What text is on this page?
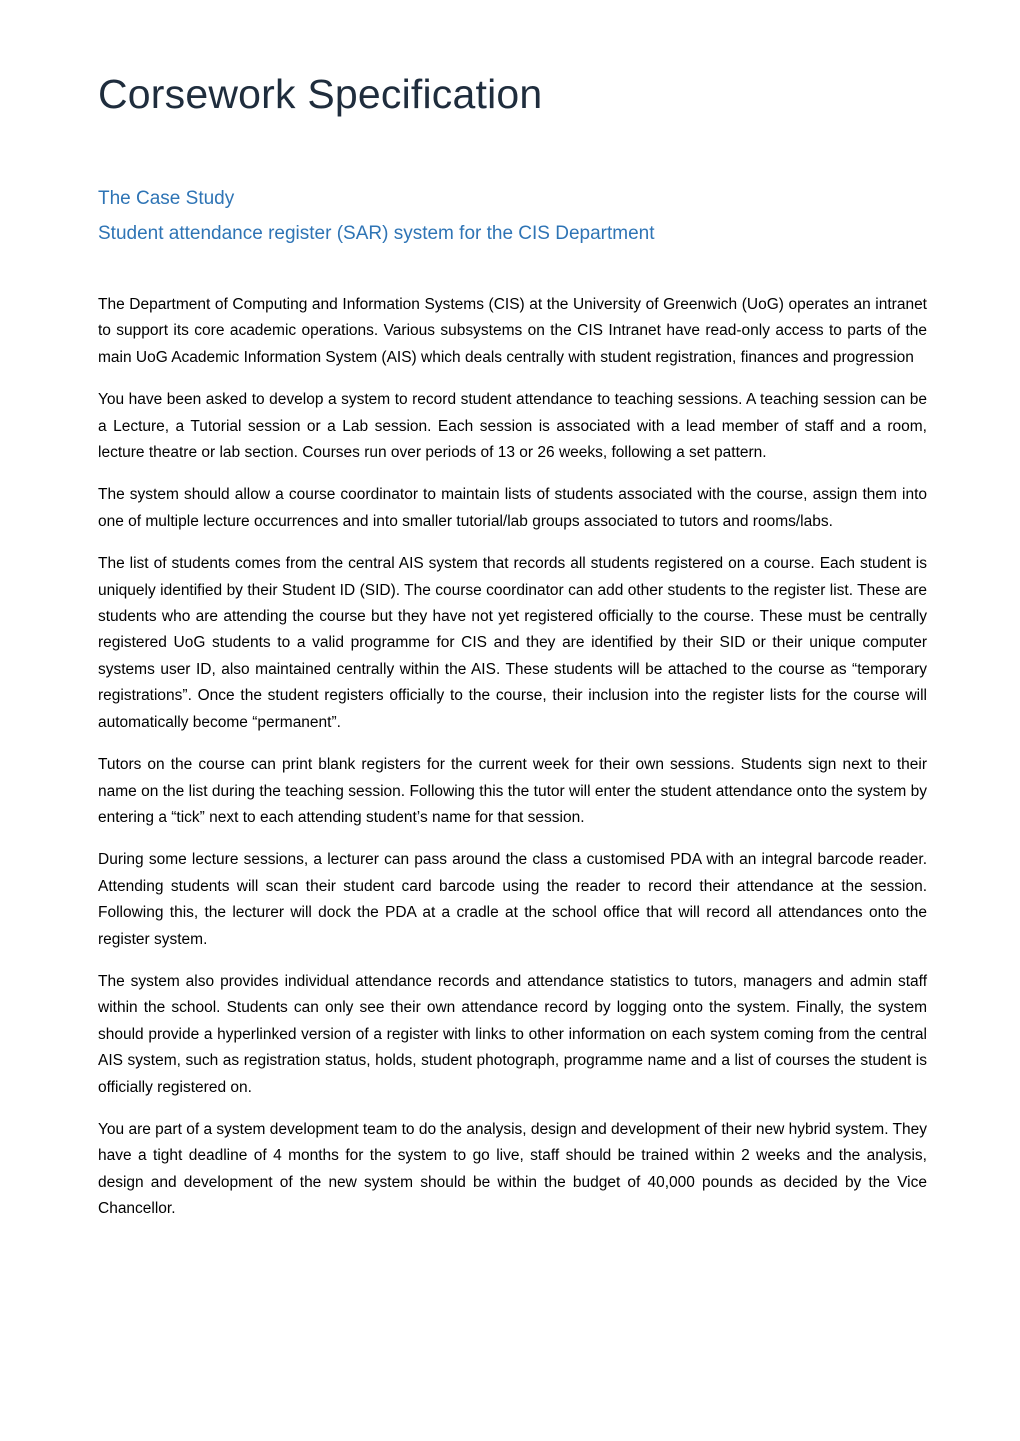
Corsework Specification
The Case Study
Student attendance register (SAR) system for the CIS Department

The Department of Computing and Information Systems (CIS) at the University of Greenwich (UoG) operates an intranet to support its core academic operations. Various subsystems on the CIS Intranet have read-only access to parts of the main UoG Academic Information System (AIS) which deals centrally with student registration, finances and progression

You have been asked to develop a system to record student attendance to teaching sessions. A teaching session can be a Lecture, a Tutorial session or a Lab session. Each session is associated with a lead member of staff and a room, lecture theatre or lab section. Courses run over periods of 13 or 26 weeks, following a set pattern.

The system should allow a course coordinator to maintain lists of students associated with the course, assign them into one of multiple lecture occurrences and into smaller tutorial/lab groups associated to tutors and rooms/labs.

The list of students comes from the central AIS system that records all students registered on a course. Each student is uniquely identified by their Student ID (SID). The course coordinator can add other students to the register list. These are students who are attending the course but they have not yet registered officially to the course. These must be centrally registered UoG students to a valid programme for CIS and they are identified by their SID or their unique computer systems user ID, also maintained centrally within the AIS. These students will be attached to the course as “temporary registrations”. Once the student registers officially to the course, their inclusion into the register lists for the course will automatically become “permanent”.

Tutors on the course can print blank registers for the current week for their own sessions. Students sign next to their name on the list during the teaching session. Following this the tutor will enter the student attendance onto the system by entering a “tick” next to each attending student’s name for that session.

During some lecture sessions, a lecturer can pass around the class a customised PDA with an integral barcode reader. Attending students will scan their student card barcode using the reader to record their attendance at the session. Following this, the lecturer will dock the PDA at a cradle at the school office that will record all attendances onto the register system.

The system also provides individual attendance records and attendance statistics to tutors, managers and admin staff within the school. Students can only see their own attendance record by logging onto the system. Finally, the system should provide a hyperlinked version of a register with links to other information on each system coming from the central AIS system, such as registration status, holds, student photograph, programme name and a list of courses the student is officially registered on.

You are part of a system development team to do the analysis, design and development of their new hybrid system. They have a tight deadline of 4 months for the system to go live, staff should be trained within 2 weeks and the analysis, design and development of the new system should be within the budget of 40,000 pounds as decided by the Vice Chancellor.
